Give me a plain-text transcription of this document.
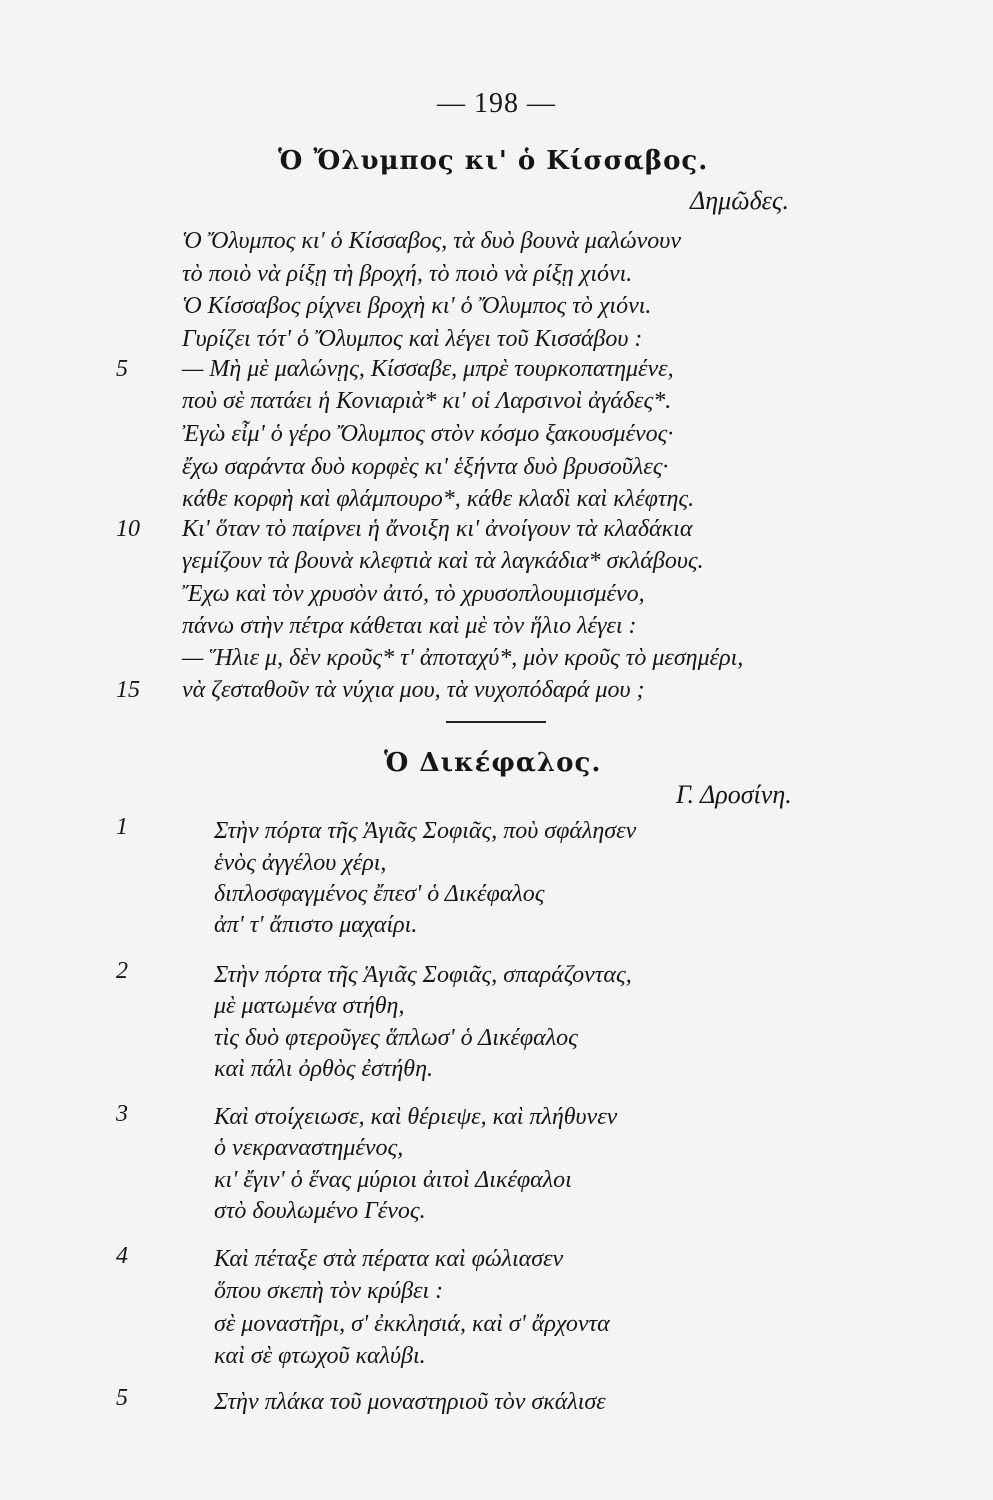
— 198 —
Ὁ Ὄλυμπος κι' ὁ Κίσσαβος.
Δημῶδες.
Ὁ Ὄλυμπος κι' ὁ Κίσσαβος, τὰ δυὸ βουνὰ μαλώνουν
τὸ ποιὸ νὰ ρίξῃ τὴ βροχή, τὸ ποιὸ νὰ ρίξῃ χιόνι.
Ὁ Κίσσαβος ρίχνει βροχὴ κι' ὁ Ὄλυμπος τὸ χιόνι.
Γυρίζει τότ' ὁ Ὄλυμπος καὶ λέγει τοῦ Κισσάβου :
— Μὴ μὲ μαλώνῃς, Κίσσαβε, μπρὲ τουρκοπατημένε,
ποὺ σὲ πατάει ἡ Κονιαριὰ* κι' οἱ Λαρσινοὶ ἀγάδες*.
Ἐγὼ εἶμ' ὁ γέρο Ὄλυμπος στὸν κόσμο ξακουσμένος·
ἔχω σαράντα δυὸ κορφὲς κι' ἑξήντα δυὸ βρυσοῦλες·
κάθε κορφὴ καὶ φλάμπουρο*, κάθε κλαδὶ καὶ κλέφτης.
Κι' ὅταν τὸ παίρνει ἡ ἄνοιξη κι' ἀνοίγουν τὰ κλαδάκια
γεμίζουν τὰ βουνὰ κλεφτιὰ καὶ τὰ λαγκάδια* σκλάβους.
Ἔχω καὶ τὸν χρυσὸν ἀιτό, τὸ χρυσοπλουμισμένο,
πάνω στὴν πέτρα κάθεται καὶ μὲ τὸν ἥλιο λέγει :
— Ἥλιε μ, δὲν κροῦς* τ' ἀποταχύ*, μὸν κροῦς τὸ μεσημέρι,
νὰ ζεσταθοῦν τὰ νύχια μου, τὰ νυχοπόδαρά μου ;
5
10
15
Ὁ Δικέφαλος.
Γ. Δροσίνη.
1	Στὴν πόρτα τῆς Ἁγιᾶς Σοφιᾶς, ποὺ σφάλησεν
ἑνὸς ἀγγέλου χέρι,
διπλοσφαγμένος ἔπεσ' ὁ Δικέφαλος
ἀπ' τ' ἄπιστο μαχαίρι.
2	Στὴν πόρτα τῆς Ἁγιᾶς Σοφιᾶς, σπαράζοντας,
μὲ ματωμένα στήθη,
τὶς δυὸ φτεροῦγες ἅπλωσ' ὁ Δικέφαλος
καὶ πάλι ὀρθὸς ἐστήθη.
3	Καὶ στοίχειωσε, καὶ θέριεψε, καὶ πλήθυνεν
ὁ νεκραναστημένος,
κι' ἔγιν' ὁ ἕνας μύριοι ἀιτοὶ Δικέφαλοι
στὸ δουλωμένο Γένος.
4	Καὶ πέταξε στὰ πέρατα καὶ φώλιασεν
ὅπου σκεπὴ τὸν κρύβει :
σὲ μοναστῆρι, σ' ἐκκλησιά, καὶ σ' ἄρχοντα
καὶ σὲ φτωχοῦ καλύβι.
5	Στὴν πλάκα τοῦ μοναστηριοῦ τὸν σκάλισε
